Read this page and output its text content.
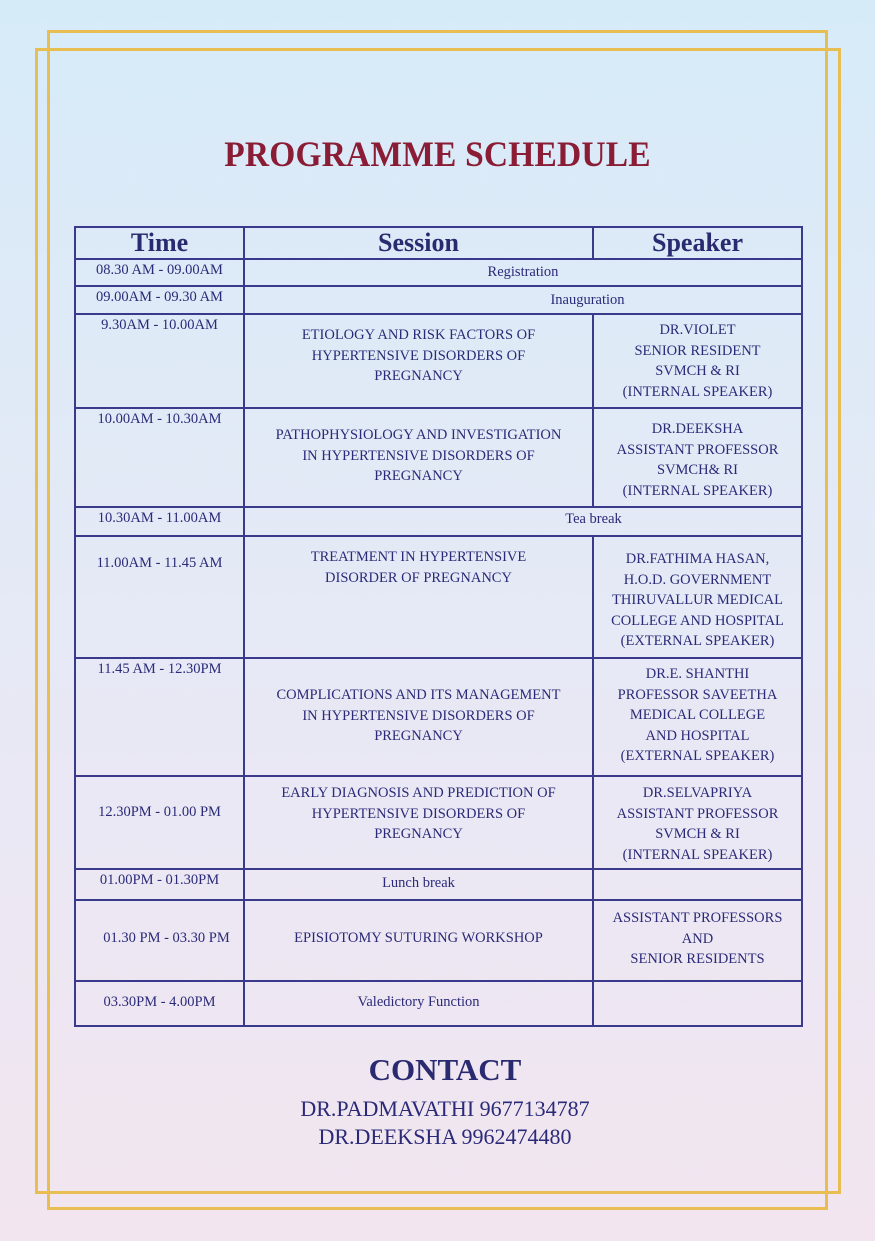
PROGRAMME SCHEDULE
Time	Session	Speaker
08.30 AM - 09.00AM	Registration	
09.00AM - 09.30 AM	Inauguration	
9.30AM - 10.00AM	ETIOLOGY AND RISK FACTORS OF
HYPERTENSIVE DISORDERS OF
PREGNANCY	DR.VIOLET
SENIOR RESIDENT
SVMCH & RI
(INTERNAL SPEAKER)
10.00AM - 10.30AM	PATHOPHYSIOLOGY AND INVESTIGATION
IN HYPERTENSIVE DISORDERS OF
PREGNANCY	DR.DEEKSHA
ASSISTANT PROFESSOR
SVMCH& RI
(INTERNAL SPEAKER)
10.30AM - 11.00AM	Tea break	
11.00AM - 11.45 AM	TREATMENT IN HYPERTENSIVE
DISORDER OF PREGNANCY	DR.FATHIMA HASAN,
H.O.D. GOVERNMENT
THIRUVALLUR MEDICAL
COLLEGE AND HOSPITAL
(EXTERNAL SPEAKER)
11.45 AM - 12.30PM	COMPLICATIONS AND ITS MANAGEMENT
IN HYPERTENSIVE DISORDERS OF
PREGNANCY	DR.E. SHANTHI
PROFESSOR SAVEETHA
MEDICAL COLLEGE
AND HOSPITAL
(EXTERNAL SPEAKER)
12.30PM - 01.00 PM	EARLY DIAGNOSIS AND PREDICTION OF
HYPERTENSIVE DISORDERS OF
PREGNANCY	DR.SELVAPRIYA
ASSISTANT PROFESSOR
SVMCH & RI
(INTERNAL SPEAKER)
01.00PM - 01.30PM	Lunch break	
01.30 PM - 03.30 PM	EPISIOTOMY SUTURING WORKSHOP	ASSISTANT PROFESSORS
AND
SENIOR RESIDENTS
03.30PM - 4.00PM	Valedictory Function	
CONTACT
DR.PADMAVATHI 9677134787
DR.DEEKSHA 9962474480
